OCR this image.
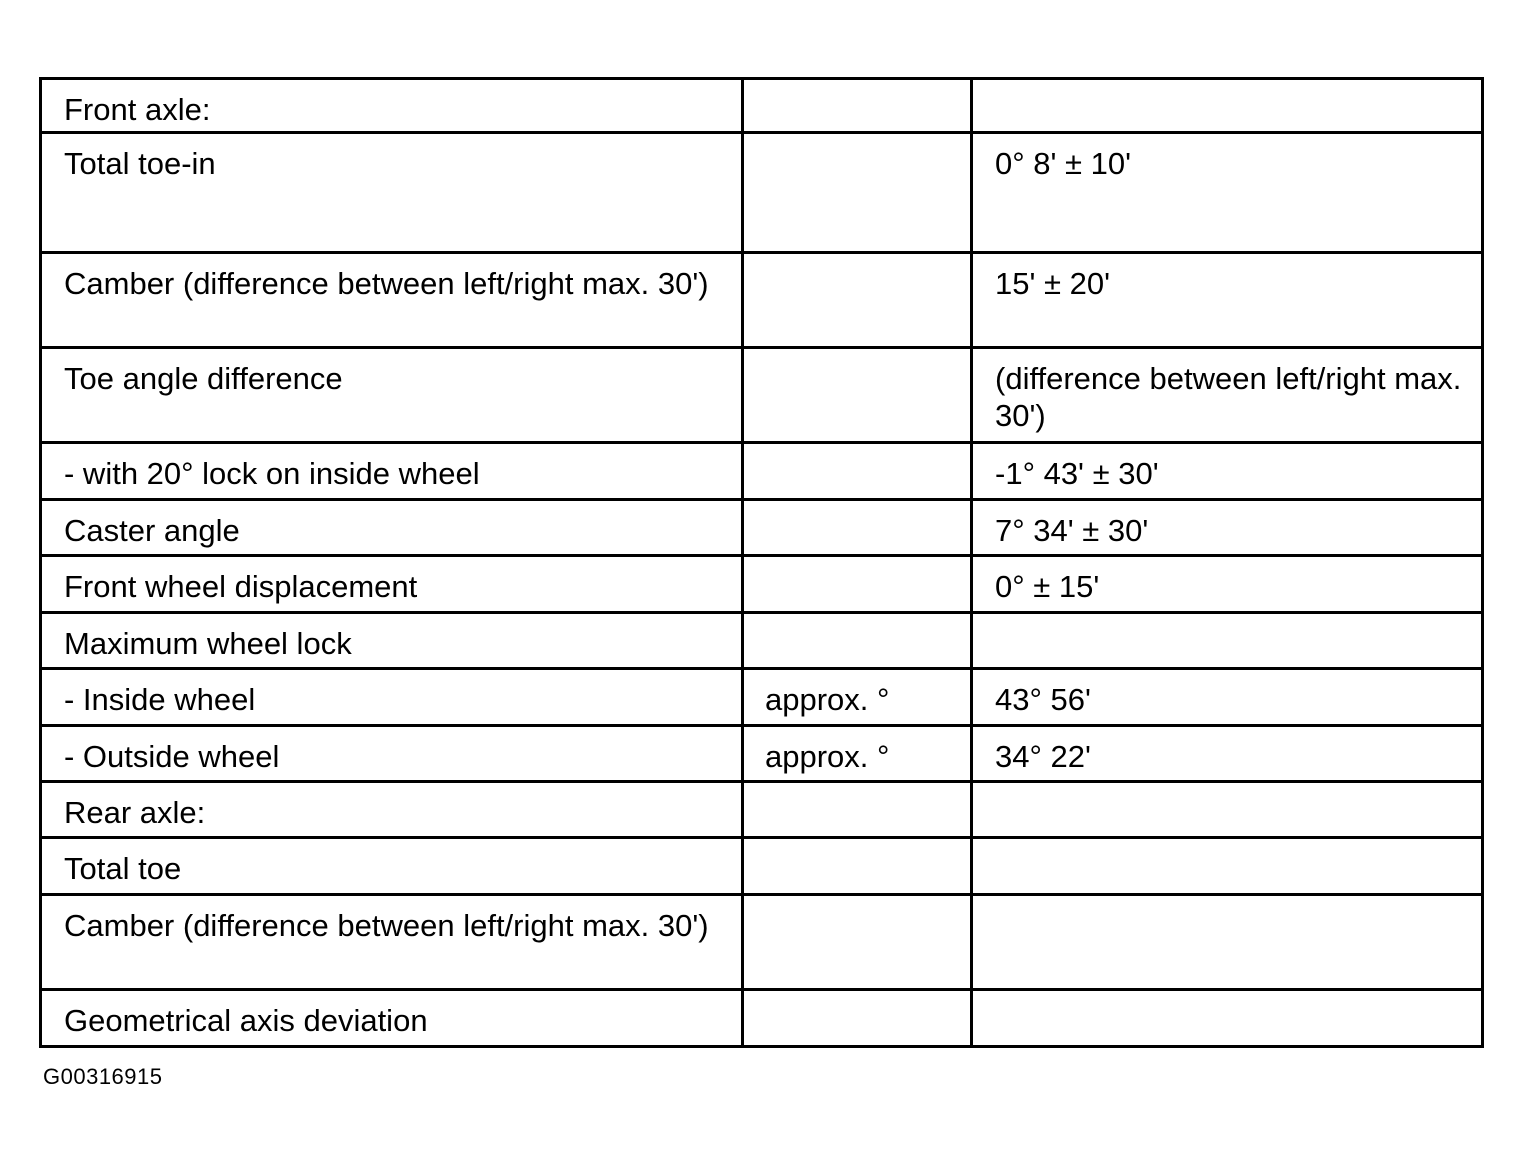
Front axle:		
Total toe-in		0° 8' ± 10'
Camber (difference between left/right max. 30')		15' ± 20'
Toe angle difference		(difference between left/right max. 30')
- with 20° lock on inside wheel		-1° 43' ± 30'
Caster angle		7° 34' ± 30'
Front wheel displacement		0° ± 15'
Maximum wheel lock		
- Inside wheel	approx. °	43° 56'
- Outside wheel	approx. °	34° 22'
Rear axle:		
Total toe		
Camber (difference between left/right max. 30')		
Geometrical axis deviation		
G00316915
